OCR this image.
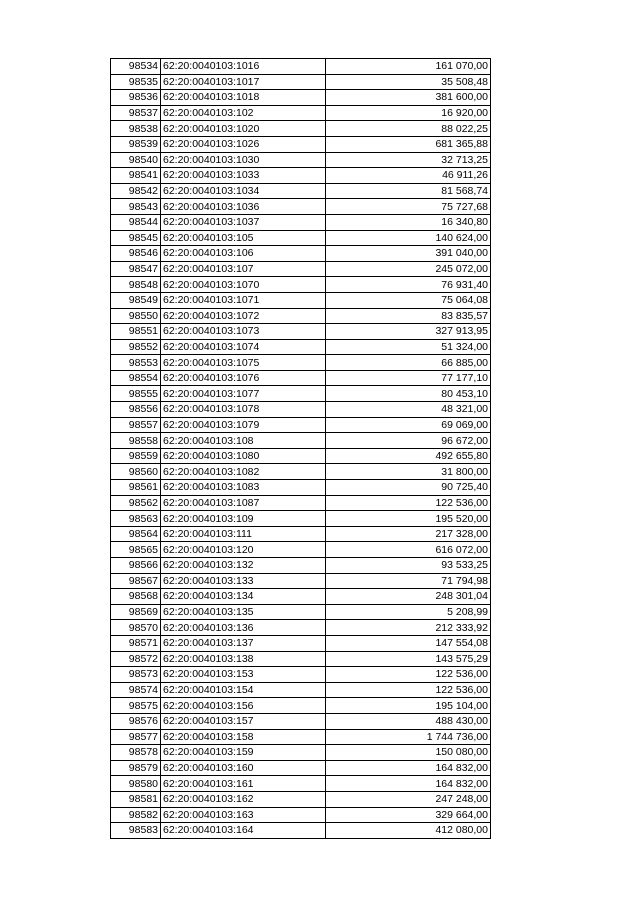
98534	62:20:0040103:1016	161 070,00
98535	62:20:0040103:1017	35 508,48
98536	62:20:0040103:1018	381 600,00
98537	62:20:0040103:102	16 920,00
98538	62:20:0040103:1020	88 022,25
98539	62:20:0040103:1026	681 365,88
98540	62:20:0040103:1030	32 713,25
98541	62:20:0040103:1033	46 911,26
98542	62:20:0040103:1034	81 568,74
98543	62:20:0040103:1036	75 727,68
98544	62:20:0040103:1037	16 340,80
98545	62:20:0040103:105	140 624,00
98546	62:20:0040103:106	391 040,00
98547	62:20:0040103:107	245 072,00
98548	62:20:0040103:1070	76 931,40
98549	62:20:0040103:1071	75 064,08
98550	62:20:0040103:1072	83 835,57
98551	62:20:0040103:1073	327 913,95
98552	62:20:0040103:1074	51 324,00
98553	62:20:0040103:1075	66 885,00
98554	62:20:0040103:1076	77 177,10
98555	62:20:0040103:1077	80 453,10
98556	62:20:0040103:1078	48 321,00
98557	62:20:0040103:1079	69 069,00
98558	62:20:0040103:108	96 672,00
98559	62:20:0040103:1080	492 655,80
98560	62:20:0040103:1082	31 800,00
98561	62:20:0040103:1083	90 725,40
98562	62:20:0040103:1087	122 536,00
98563	62:20:0040103:109	195 520,00
98564	62:20:0040103:111	217 328,00
98565	62:20:0040103:120	616 072,00
98566	62:20:0040103:132	93 533,25
98567	62:20:0040103:133	71 794,98
98568	62:20:0040103:134	248 301,04
98569	62:20:0040103:135	5 208,99
98570	62:20:0040103:136	212 333,92
98571	62:20:0040103:137	147 554,08
98572	62:20:0040103:138	143 575,29
98573	62:20:0040103:153	122 536,00
98574	62:20:0040103:154	122 536,00
98575	62:20:0040103:156	195 104,00
98576	62:20:0040103:157	488 430,00
98577	62:20:0040103:158	1 744 736,00
98578	62:20:0040103:159	150 080,00
98579	62:20:0040103:160	164 832,00
98580	62:20:0040103:161	164 832,00
98581	62:20:0040103:162	247 248,00
98582	62:20:0040103:163	329 664,00
98583	62:20:0040103:164	412 080,00
